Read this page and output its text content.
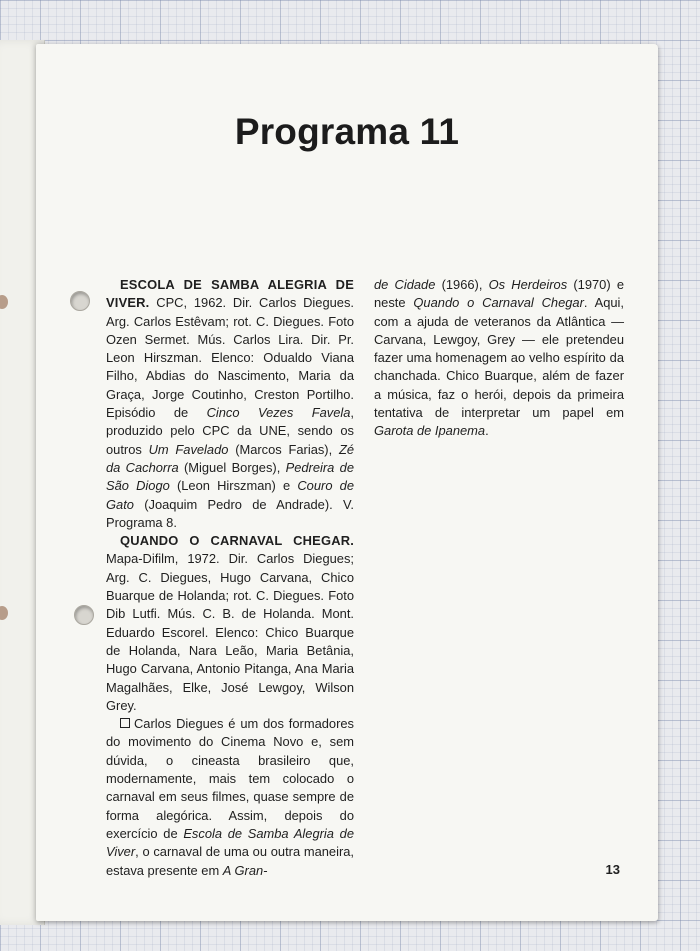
Programa 11

ESCOLA DE SAMBA ALEGRIA DE VIVER. CPC, 1962. Dir. Carlos Diegues. Arg. Carlos Estêvam; rot. C. Diegues. Foto Ozen Sermet. Mús. Carlos Lira. Dir. Pr. Leon Hirszman. Elenco: Odualdo Viana Filho, Abdias do Nascimento, Maria da Graça, Jorge Coutinho, Creston Portilho. Episódio de Cinco Vezes Favela, produzido pelo CPC da UNE, sendo os outros Um Favelado (Marcos Farias), Zé da Cachorra (Miguel Borges), Pedreira de São Diogo (Leon Hirszman) e Couro de Gato (Joaquim Pedro de Andrade). V. Programa 8.

QUANDO O CARNAVAL CHEGAR. Mapa-Difilm, 1972. Dir. Carlos Diegues; Arg. C. Diegues, Hugo Carvana, Chico Buarque de Holanda; rot. C. Diegues. Foto Dib Lutfi. Mús. C. B. de Holanda. Mont. Eduardo Escorel. Elenco: Chico Buarque de Holanda, Nara Leão, Maria Betânia, Hugo Carvana, Antonio Pitanga, Ana Maria Magalhães, Elke, José Lewgoy, Wilson Grey.

Carlos Diegues é um dos formadores do movimento do Cinema Novo e, sem dúvida, o cineasta brasileiro que, modernamente, mais tem colocado o carnaval em seus filmes, quase sempre de forma alegórica. Assim, depois do exercício de Escola de Samba Alegria de Viver, o carnaval de uma ou outra maneira, estava presente em A Gran-

de Cidade (1966), Os Herdeiros (1970) e neste Quando o Carnaval Chegar. Aqui, com a ajuda de veteranos da Atlântica — Carvana, Lewgoy, Grey — ele pretendeu fazer uma homenagem ao velho espírito da chanchada. Chico Buarque, além de fazer a música, faz o herói, depois da primeira tentativa de interpretar um papel em Garota de Ipanema.

13
